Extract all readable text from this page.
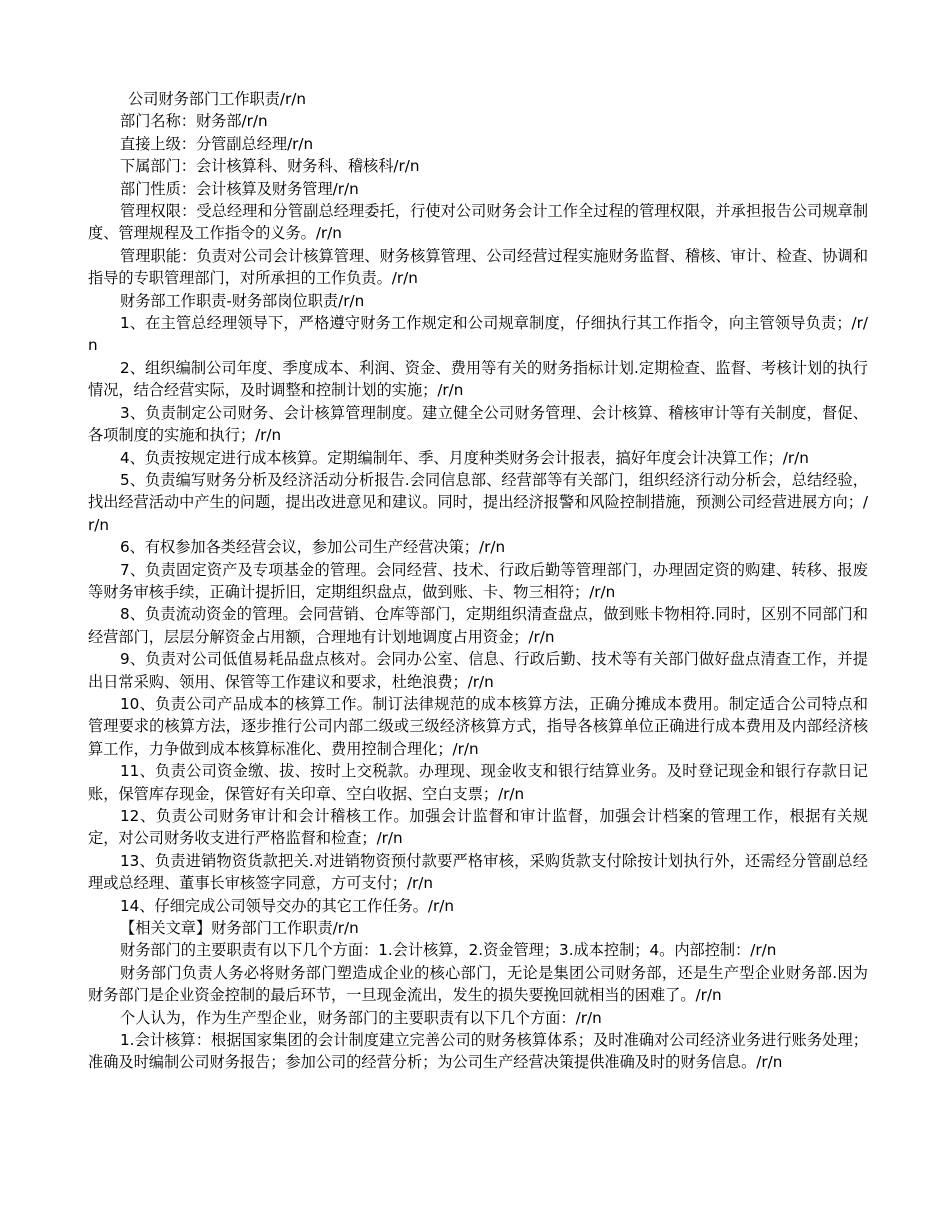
公司财务部门工作职责/r/n

部门名称：财务部/r/n

直接上级：分管副总经理/r/n

下属部门：会计核算科、财务科、稽核科/r/n

部门性质：会计核算及财务管理/r/n

管理权限：受总经理和分管副总经理委托，行使对公司财务会计工作全过程的管理权限，并承担报告公司规章制度、管理规程及工作指令的义务。/r/n

管理职能：负责对公司会计核算管理、财务核算管理、公司经营过程实施财务监督、稽核、审计、检查、协调和指导的专职管理部门，对所承担的工作负责。/r/n

财务部工作职责-财务部岗位职责/r/n

1、在主管总经理领导下，严格遵守财务工作规定和公司规章制度，仔细执行其工作指令，向主管领导负责；/r/n

2、组织编制公司年度、季度成本、利润、资金、费用等有关的财务指标计划.定期检查、监督、考核计划的执行情况，结合经营实际，及时调整和控制计划的实施；/r/n

3、负责制定公司财务、会计核算管理制度。建立健全公司财务管理、会计核算、稽核审计等有关制度，督促、各项制度的实施和执行；/r/n

4、负责按规定进行成本核算。定期编制年、季、月度种类财务会计报表，搞好年度会计决算工作；/r/n

5、负责编写财务分析及经济活动分析报告.会同信息部、经营部等有关部门，组织经济行动分析会，总结经验，找出经营活动中产生的问题，提出改进意见和建议。同时，提出经济报警和风险控制措施，预测公司经营进展方向；/r/n

6、有权参加各类经营会议，参加公司生产经营决策；/r/n

7、负责固定资产及专项基金的管理。会同经营、技术、行政后勤等管理部门，办理固定资的购建、转移、报废等财务审核手续，正确计提折旧，定期组织盘点，做到账、卡、物三相符；/r/n

8、负责流动资金的管理。会同营销、仓库等部门，定期组织清查盘点，做到账卡物相符.同时，区别不同部门和经营部门，层层分解资金占用额，合理地有计划地调度占用资金；/r/n

9、负责对公司低值易耗品盘点核对。会同办公室、信息、行政后勤、技术等有关部门做好盘点清查工作，并提出日常采购、领用、保管等工作建议和要求，杜绝浪费；/r/n

10、负责公司产品成本的核算工作。制订法律规范的成本核算方法，正确分摊成本费用。制定适合公司特点和管理要求的核算方法，逐步推行公司内部二级或三级经济核算方式，指导各核算单位正确进行成本费用及内部经济核算工作，力争做到成本核算标准化、费用控制合理化；/r/n

11、负责公司资金缴、拔、按时上交税款。办理现、现金收支和银行结算业务。及时登记现金和银行存款日记账，保管库存现金，保管好有关印章、空白收据、空白支票；/r/n

12、负责公司财务审计和会计稽核工作。加强会计监督和审计监督，加强会计档案的管理工作，根据有关规定，对公司财务收支进行严格监督和检查；/r/n

13、负责进销物资货款把关.对进销物资预付款要严格审核，采购货款支付除按计划执行外，还需经分管副总经理或总经理、董事长审核签字同意，方可支付；/r/n

14、仔细完成公司领导交办的其它工作任务。/r/n

【相关文章】财务部门工作职责/r/n

财务部门的主要职责有以下几个方面：1.会计核算，2.资金管理；3.成本控制；4。内部控制：/r/n

财务部门负责人务必将财务部门塑造成企业的核心部门，无论是集团公司财务部，还是生产型企业财务部.因为财务部门是企业资金控制的最后环节，一旦现金流出，发生的损失要挽回就相当的困难了。/r/n

个人认为，作为生产型企业，财务部门的主要职责有以下几个方面：/r/n

1.会计核算：根据国家集团的会计制度建立完善公司的财务核算体系；及时准确对公司经济业务进行账务处理；准确及时编制公司财务报告；参加公司的经营分析；为公司生产经营决策提供准确及时的财务信息。/r/n
